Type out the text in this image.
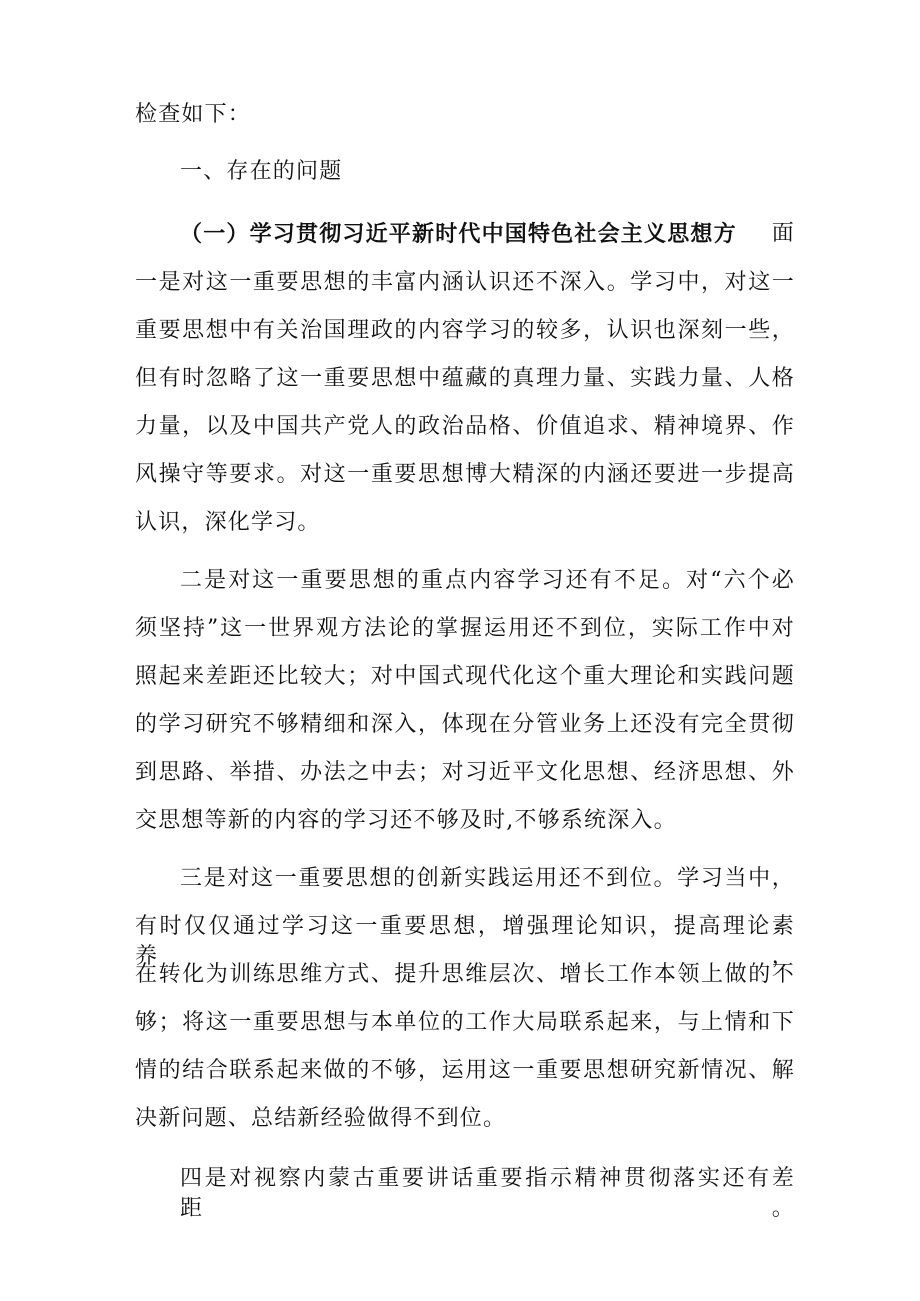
检查如下：
一、存在的问题
（一）学习贯彻习近平新时代中国特色社会主义思想方 面
一是对这一重要思想的丰富内涵认识还不深入。学习中，对这一
重要思想中有关治国理政的内容学习的较多，认识也深刻一些，
但有时忽略了这一重要思想中蕴藏的真理力量、实践力量、人格
力量，以及中国共产党人的政治品格、价值追求、精神境界、作
风操守等要求。对这一重要思想博大精深的内涵还要进一步提高
认识，深化学习。
二是对这一重要思想的重点内容学习还有不足。对“六个必
须坚持”这一世界观方法论的掌握运用还不到位，实际工作中对
照起来差距还比较大；对中国式现代化这个重大理论和实践问题
的学习研究不够精细和深入，体现在分管业务上还没有完全贯彻
到思路、举措、办法之中去；对习近平文化思想、经济思想、外
交思想等新的内容的学习还不够及时,不够系统深入。
三是对这一重要思想的创新实践运用还不到位。学习当中，
有时仅仅通过学习这一重要思想，增强理论知识，提高理论素养，
在转化为训练思维方式、提升思维层次、增长工作本领上做的不
够；将这一重要思想与本单位的工作大局联系起来，与上情和下
情的结合联系起来做的不够，运用这一重要思想研究新情况、解
决新问题、总结新经验做得不到位。
四是对视察内蒙古重要讲话重要指示精神贯彻落实还有差距。
